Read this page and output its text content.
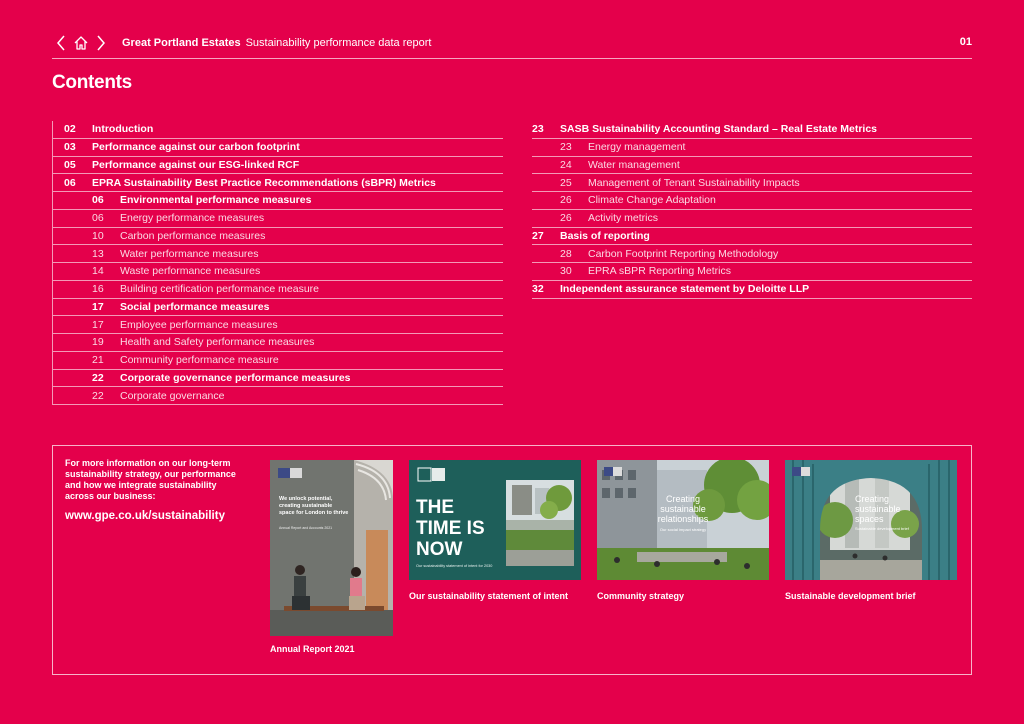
Great Portland Estates Sustainability performance data report	01
Contents
02	Introduction
03	Performance against our carbon footprint
05	Performance against our ESG-linked RCF
06	EPRA Sustainability Best Practice Recommendations (sBPR) Metrics
06	Environmental performance measures
06	Energy performance measures
10	Carbon performance measures
13	Water performance measures
14	Waste performance measures
16	Building certification performance measure
17	Social performance measures
17	Employee performance measures
19	Health and Safety performance measures
21	Community performance measure
22	Corporate governance performance measures
22	Corporate governance
23	SASB Sustainability Accounting Standard – Real Estate Metrics
23	Energy management
24	Water management
25	Management of Tenant Sustainability Impacts
26	Climate Change Adaptation
26	Activity metrics
27	Basis of reporting
28	Carbon Footprint Reporting Methodology
30	EPRA sBPR Reporting Metrics
32	Independent assurance statement by Deloitte LLP
For more information on our long-term sustainability strategy, our performance and how we integrate sustainability across our business:
www.gpe.co.uk/sustainability
We unlock potential, creating sustainable space for London to thrive
Annual Report and Accounts 2021
Annual Report 2021
THE
TIME IS
NOW
Our sustainability statement of intent for 2030
Our sustainability statement of intent
Creating
sustainable
relationships
Our social impact strategy
Community strategy
Creating
sustainable
spaces
Sustainable development brief
Sustainable development brief
